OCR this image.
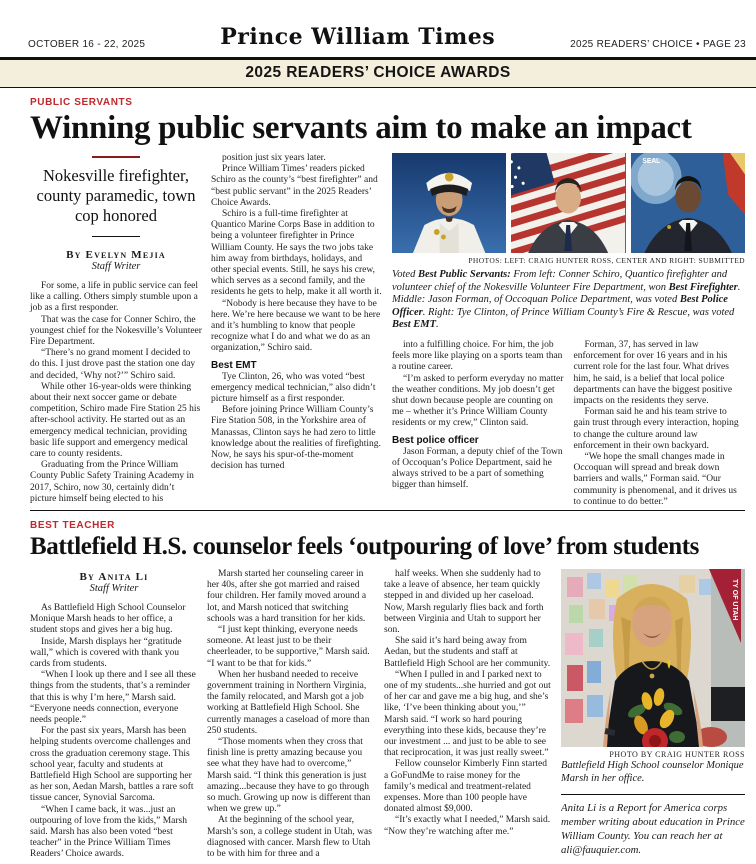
OCTOBER 16 - 22, 2025	Prince William Times	2025 READERS’ CHOICE • PAGE 23
2025 READERS’ CHOICE AWARDS
PUBLIC SERVANTS
Winning public servants aim to make an impact
Nokesville firefighter, county paramedic, town cop honored
By Evelyn Mejia
Staff Writer

For some, a life in public service can feel like a calling. Others simply stumble upon a job as a first responder.

That was the case for Conner Schiro, the youngest chief for the Nokesville’s Volunteer Fire Department.

“There’s no grand moment I decided to do this. I just drove past the station one day and decided, ‘Why not?’” Schiro said.

While other 16-year-olds were thinking about their next soccer game or debate competition, Schiro made Fire Station 25 his after-school activity. He started out as an emergency medical technician, providing basic life support and emergency medical care to county residents.

Graduating from the Prince William County Public Safety Training Academy in 2017, Schiro, now 30, certainly didn’t picture himself being elected to his

position just six years later.

Prince William Times’ readers picked Schiro as the county’s “best firefighter” and “best public servant” in the 2025 Readers’ Choice Awards.

Schiro is a full-time firefighter at Quantico Marine Corps Base in addition to being a volunteer firefighter in Prince William County. He says the two jobs take him away from birthdays, holidays, and other special events. Still, he says his crew, which serves as a second family, and the residents he gets to help, make it all worth it.

“Nobody is here because they have to be here. We’re here because we want to be here and it’s humbling to know that people recognize what I do and what we do as an organization,” Schiro said.

Best EMT

Tye Clinton, 26, who was voted “best emergency medical technician,” also didn’t picture himself as a first responder.

Before joining Prince William County’s Fire Station 508, in the Yorkshire area of Manassas, Clinton says he had zero to little knowledge about the realities of firefighting. Now, he says his spur-of-the-moment decision has turned

SEAL
PHOTOS: LEFT: CRAIG HUNTER ROSS, CENTER AND RIGHT: SUBMITTED
Voted Best Public Servants: From left: Conner Schiro, Quantico firefighter and volunteer chief of the Nokesville Volunteer Fire Department, won Best Firefighter. Middle: Jason Forman, of Occoquan Police Department, was voted Best Police Officer. Right: Tye Clinton, of Prince William County’s Fire & Rescue, was voted Best EMT.

into a fulfilling choice. For him, the job feels more like playing on a sports team than a routine career.

“I’m asked to perform everyday no matter the weather conditions. My job doesn’t get shut down because people are counting on me – whether it’s Prince William County residents or my crew,” Clinton said.

Best police officer

Jason Forman, a deputy chief of the Town of Occoquan’s Police Department, said he always strived to be a part of something bigger than himself.

Forman, 37, has served in law enforcement for over 16 years and in his current role for the last four. What drives him, he said, is a belief that local police departments can have the biggest positive impacts on the residents they serve.

Forman said he and his team strive to gain trust through every interaction, hoping to change the culture around law enforcement in their own backyard.

“We hope the small changes made in Occoquan will spread and break down barriers and walls,” Forman said. “Our community is phenomenal, and it drives us to continue to do better.”

BEST TEACHER
Battlefield H.S. counselor feels ‘outpouring of love’ from students
By Anita Li
Staff Writer

As Battlefield High School Counselor Monique Marsh heads to her office, a student stops and gives her a big hug.

Inside, Marsh displays her “gratitude wall,” which is covered with thank you cards from students.

“When I look up there and I see all these things from the students, that’s a reminder that this is why I’m here,” Marsh said. “Everyone needs connection, everyone needs people.”

For the past six years, Marsh has been helping students overcome challenges and cross the graduation ceremony stage. This school year, faculty and students at Battlefield High School are supporting her as her son, Aedan Marsh, battles a rare soft tissue cancer, Synovial Sarcoma.

“When I came back, it was...just an outpouring of love from the kids,” Marsh said. Marsh has also been voted “best teacher” in the Prince William Times Readers’ Choice awards.

Marsh started her counseling career in her 40s, after she got married and raised four children. Her family moved around a lot, and Marsh noticed that switching schools was a hard transition for her kids.

“I just kept thinking, everyone needs someone. At least just to be their cheerleader, to be supportive,” Marsh said. “I want to be that for kids.”

When her husband needed to receive government training in Northern Virginia, the family relocated, and Marsh got a job working at Battlefield High School. She currently manages a caseload of more than 250 students.

“Those moments when they cross that finish line is pretty amazing because you see what they have had to overcome,” Marsh said. “I think this generation is just amazing...because they have to go through so much. Growing up now is different than when we grew up.”

At the beginning of the school year, Marsh’s son, a college student in Utah, was diagnosed with cancer. Marsh flew to Utah to be with him for three and a

half weeks. When she suddenly had to take a leave of absence, her team quickly stepped in and divided up her caseload. Now, Marsh regularly flies back and forth between Virginia and Utah to support her son.

She said it’s hard being away from Aedan, but the students and staff at Battlefield High School are her community.

“When I pulled in and I parked next to one of my students...she hurried and got out of her car and gave me a big hug, and she’s like, ‘I’ve been thinking about you,’” Marsh said. “I work so hard pouring everything into these kids, because they’re our investment ... and just to be able to see that reciprocation, it was just really sweet.”

Fellow counselor Kimberly Finn started a GoFundMe to raise money for the family’s medical and treatment-related expenses. More than 100 people have donated almost $9,000.

“It’s exactly what I needed,” Marsh said. “Now they’re watching after me.”

TY OF UTAH
PHOTO BY CRAIG HUNTER ROSS
Battlefield High School counselor Monique Marsh in her office.
Anita Li is a Report for America corps member writing about education in Prince William County. You can reach her at ali@fauquier.com.
